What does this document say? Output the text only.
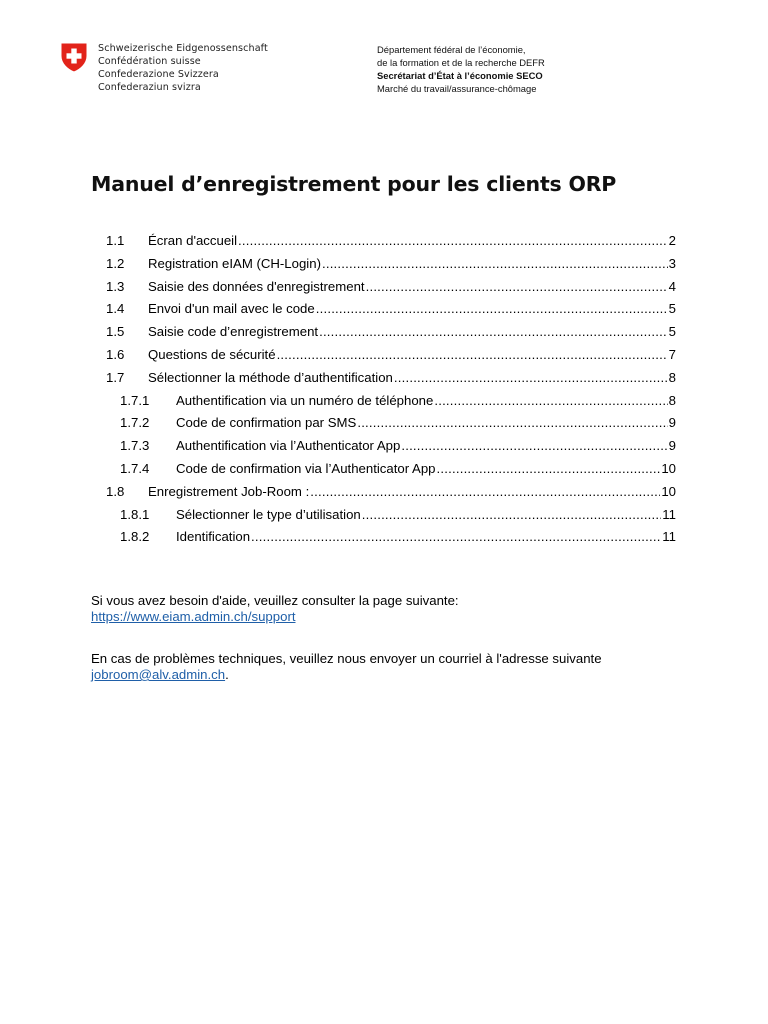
Schweizerische Eidgenossenschaft
Confédération suisse
Confederazione Svizzera
Confederaziun svizra
Département fédéral de l’économie,
de la formation et de la recherche DEFR
Secrétariat d’État à l’économie SECO
Marché du travail/assurance-chômage
Manuel d’enregistrement pour les clients ORP
1.1 Écran d'accueil .....	2
1.2 Registration eIAM (CH-Login) .....	3
1.3 Saisie des données d'enregistrement .....	4
1.4 Envoi d'un mail avec le code .....	5
1.5 Saisie code d’enregistrement .....	5
1.6 Questions de sécurité .....	7
1.7 Sélectionner la méthode d’authentification .....	8
1.7.1 Authentification via un numéro de téléphone .....	8
1.7.2 Code de confirmation par SMS .....	9
1.7.3 Authentification via l’Authenticator App .....	9
1.7.4 Code de confirmation via l’Authenticator App .....	10
1.8 Enregistrement Job-Room : .....	10
1.8.1 Sélectionner le type d’utilisation .....	11
1.8.2 Identification .....	11
Si vous avez besoin d'aide, veuillez consulter la page suivante:
https://www.eiam.admin.ch/support
En cas de problèmes techniques, veuillez nous envoyer un courriel à l'adresse suivante
jobroom@alv.admin.ch.
